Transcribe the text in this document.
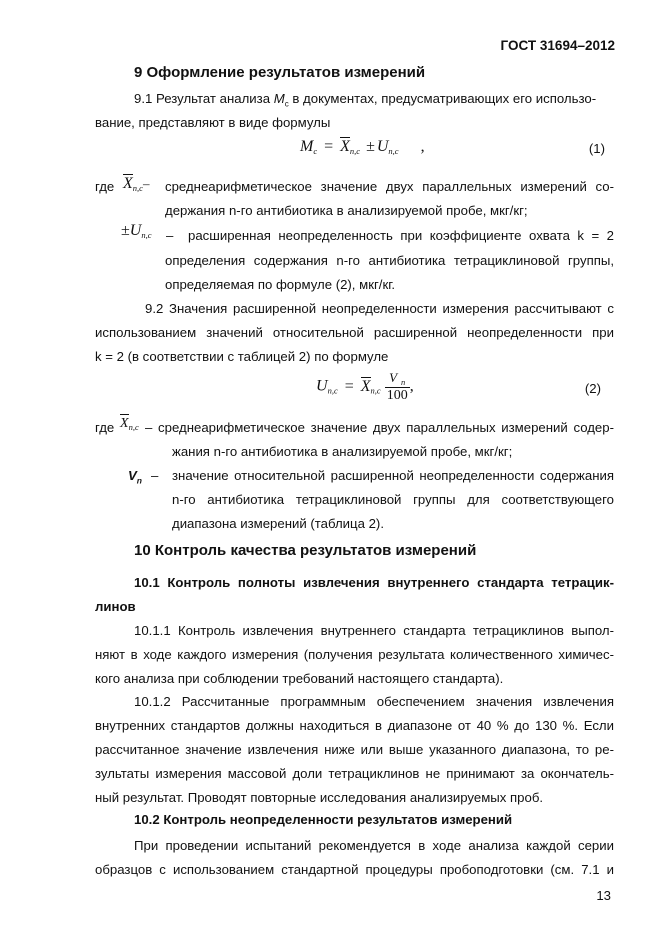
ГОСТ 31694–2012
9 Оформление результатов измерений
9.1 Результат анализа $M_c$ в документах, предусматривающих его использо-
вание, представляют в виде формулы
$M_c = X_{n,c} \pm U_{n,c}$ ,	(1)
где $X_{n,c}-$ среднеарифметическое значение двух параллельных измерений со-
держания n-го антибиотика в анализируемой пробе, мкг/кг;
$\pm U_{n,c}$ – расширенная неопределенность при коэффициенте охвата k = 2
определения содержания n-го антибиотика тетрациклиновой группы,
определяемая по формуле (2), мкг/кг.
9.2 Значения расширенной неопределенности измерения рассчитывают с
использованием значений относительной расширенной неопределенности при
k = 2 (в соответствии с таблицей 2) по формуле
$U_{n,c} = X_{n,c} \frac{V _n}{100}$ ,	(2)
где $X_{n,c}$ – среднеарифметическое значение двух параллельных измерений содер-
жания n-го антибиотика в анализируемой пробе, мкг/кг;
$V_n$ – значение относительной расширенной неопределенности содержания
n-го антибиотика тетрациклиновой группы для соответствующего
диапазона измерений (таблица 2).
10 Контроль качества результатов измерений
10.1 Контроль полноты извлечения внутреннего стандарта тетрацик-
линов
10.1.1 Контроль извлечения внутреннего стандарта тетрациклинов выпол-
няют в ходе каждого измерения (получения результата количественного химичес-
кого анализа при соблюдении требований настоящего стандарта).
10.1.2 Рассчитанные программным обеспечением значения извлечения
внутренних стандартов должны находиться в диапазоне от 40 % до 130 %. Если
рассчитанное значение извлечения ниже или выше указанного диапазона, то ре-
зультаты измерения массовой доли тетрациклинов не принимают за окончатель-
ный результат. Проводят повторные исследования анализируемых проб.
10.2 Контроль неопределенности результатов измерений
При проведении испытаний рекомендуется в ходе анализа каждой серии
образцов с использованием стандартной процедуры пробоподготовки (см. 7.1 и
13
